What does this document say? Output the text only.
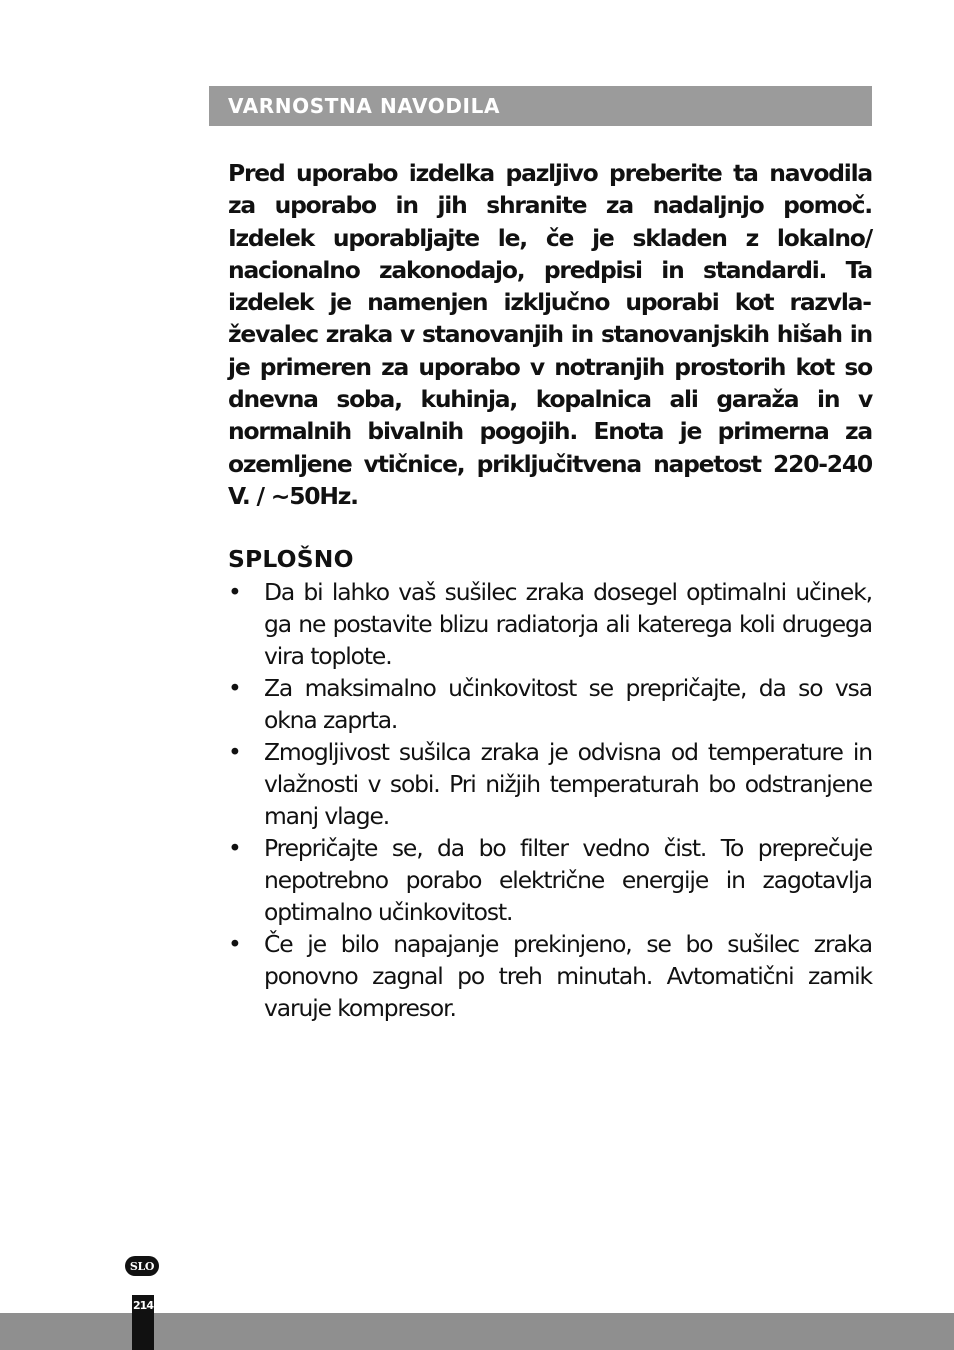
VARNOSTNA NAVODILA

Pred uporabo izdelka pazljivo preberite ta navodila za uporabo in jih shranite za nadaljnjo pomoč. Izdelek uporabljajte le, če je skladen z lokalno/ nacionalno zakonodajo, predpisi in standardi. Ta izdelek je namenjen izključno uporabi kot razvlaževalec zraka v stanovanjih in stanovanjskih hišah in je primeren za uporabo v notranjih prostorih kot so dnevna soba, kuhinja, kopalnica ali garaža in v normalnih bivalnih pogojih. Enota je primerna za ozemljene vtičnice, priključitvena napetost 220-240 V. / ~50Hz.

SPLOŠNO
• Da bi lahko vaš sušilec zraka dosegel optimalni učinek, ga ne postavite blizu radiatorja ali katerega koli drugega vira toplote.
• Za maksimalno učinkovitost se prepričajte, da so vsa okna zaprta.
• Zmogljivost sušilca zraka je odvisna od temperature in vlažnosti v sobi. Pri nižjih temperaturah bo odstranjene manj vlage.
• Prepričajte se, da bo filter vedno čist. To preprečuje nepotrebno porabo električne energije in zagotavlja optimalno učinkovitost.
• Če je bilo napajanje prekinjeno, se bo sušilec zraka ponovno zagnal po treh minutah. Avtomatični zamik varuje kompresor.
SLO
214
